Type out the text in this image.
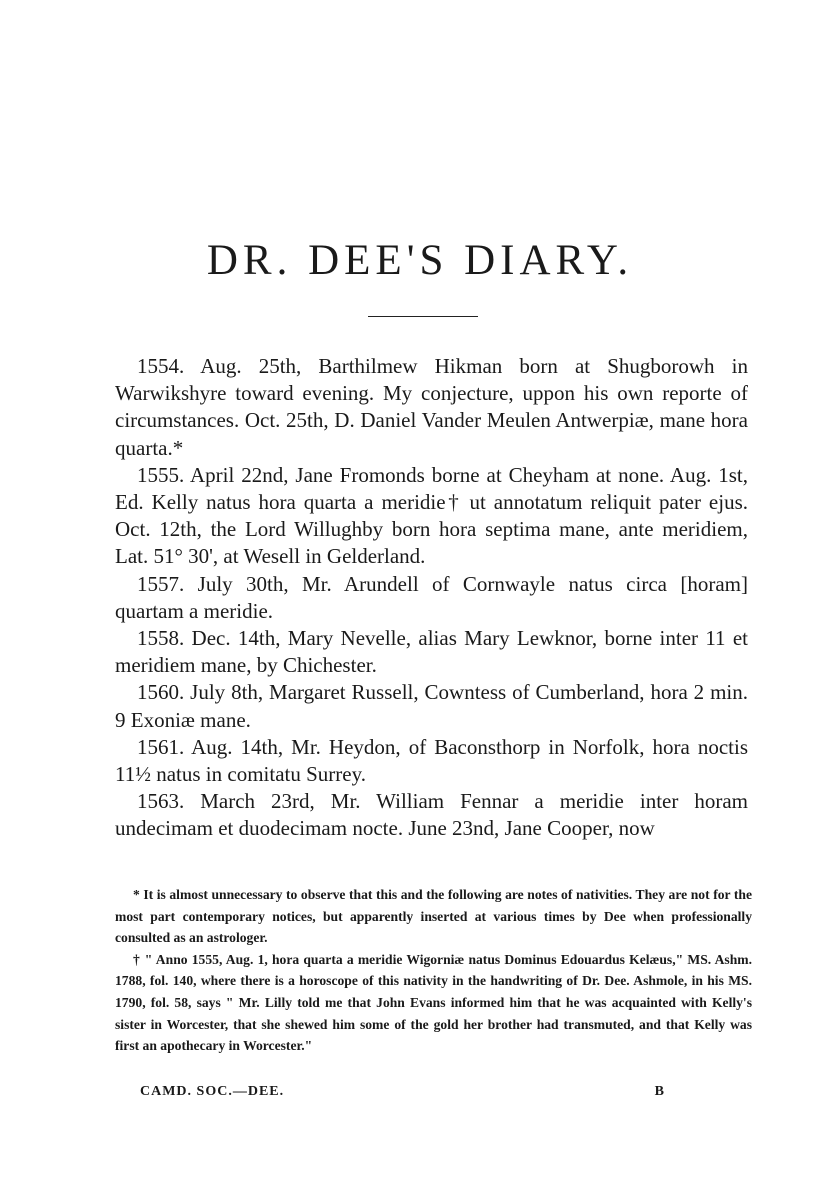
DR. DEE'S DIARY.

1554. Aug. 25th, Barthilmew Hikman born at Shugborowh in Warwikshyre toward evening. My conjecture, uppon his own reporte of circumstances. Oct. 25th, D. Daniel Vander Meulen Antwerpiæ, mane hora quarta.*

1555. April 22nd, Jane Fromonds borne at Cheyham at none. Aug. 1st, Ed. Kelly natus hora quarta a meridie† ut annotatum reliquit pater ejus. Oct. 12th, the Lord Willughby born hora septima mane, ante meridiem, Lat. 51° 30', at Wesell in Gelderland.

1557. July 30th, Mr. Arundell of Cornwayle natus circa [horam] quartam a meridie.

1558. Dec. 14th, Mary Nevelle, alias Mary Lewknor, borne inter 11 et meridiem mane, by Chichester.

1560. July 8th, Margaret Russell, Cowntess of Cumberland, hora 2 min. 9 Exoniæ mane.

1561. Aug. 14th, Mr. Heydon, of Baconsthorp in Norfolk, hora noctis 11½ natus in comitatu Surrey.

1563. March 23rd, Mr. William Fennar a meridie inter horam undecimam et duodecimam nocte. June 23nd, Jane Cooper, now

* It is almost unnecessary to observe that this and the following are notes of nativities. They are not for the most part contemporary notices, but apparently inserted at various times by Dee when professionally consulted as an astrologer.

† " Anno 1555, Aug. 1, hora quarta a meridie Wigorniæ natus Dominus Edouardus Kelæus," MS. Ashm. 1788, fol. 140, where there is a horoscope of this nativity in the handwriting of Dr. Dee. Ashmole, in his MS. 1790, fol. 58, says " Mr. Lilly told me that John Evans informed him that he was acquainted with Kelly's sister in Worcester, that she shewed him some of the gold her brother had transmuted, and that Kelly was first an apothecary in Worcester."

CAMD. SOC.—DEE.	B
